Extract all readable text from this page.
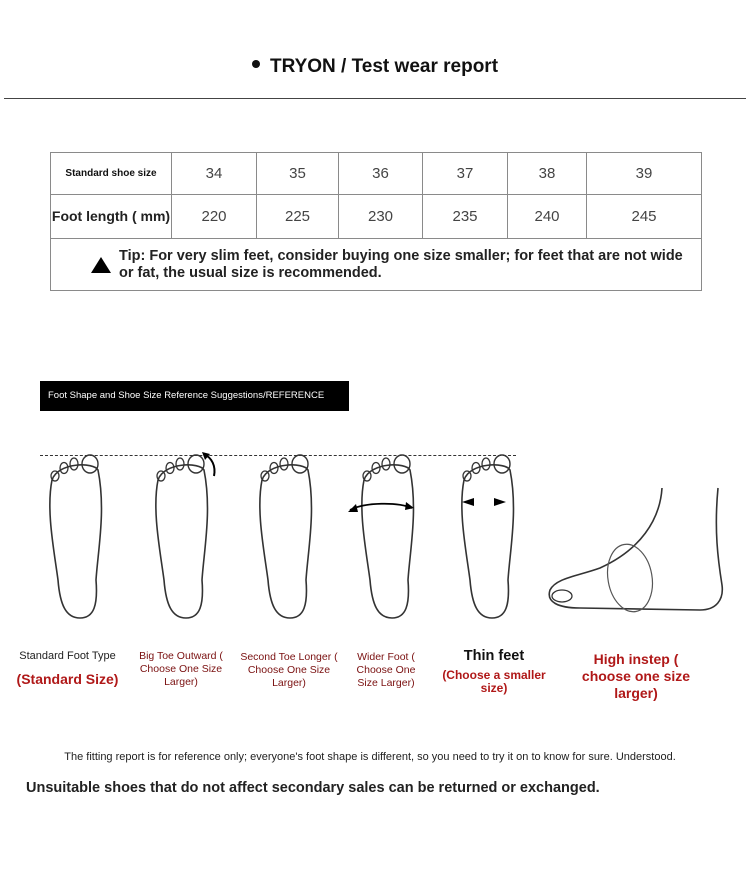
TRYON / Test wear report
Standard shoe size	34	35	36	37	38	39
Foot length ( mm)	220	225	230	235	240	245

Tip: For very slim feet, consider buying one size smaller; for feet that are not wide or fat, the usual size is recommended.						
Foot Shape and Shoe Size Reference Suggestions/REFERENCE
Standard Foot Type
(Standard Size)
Big Toe Outward ( Choose One Size Larger)
Second Toe Longer ( Choose One Size Larger)
Wider Foot ( Choose One Size Larger)
Thin feet
(Choose a smaller size)
High instep ( choose one size larger)
The fitting report is for reference only; everyone's foot shape is different, so you need to try it on to know for sure. Understood.
Unsuitable shoes that do not affect secondary sales can be returned or exchanged.
